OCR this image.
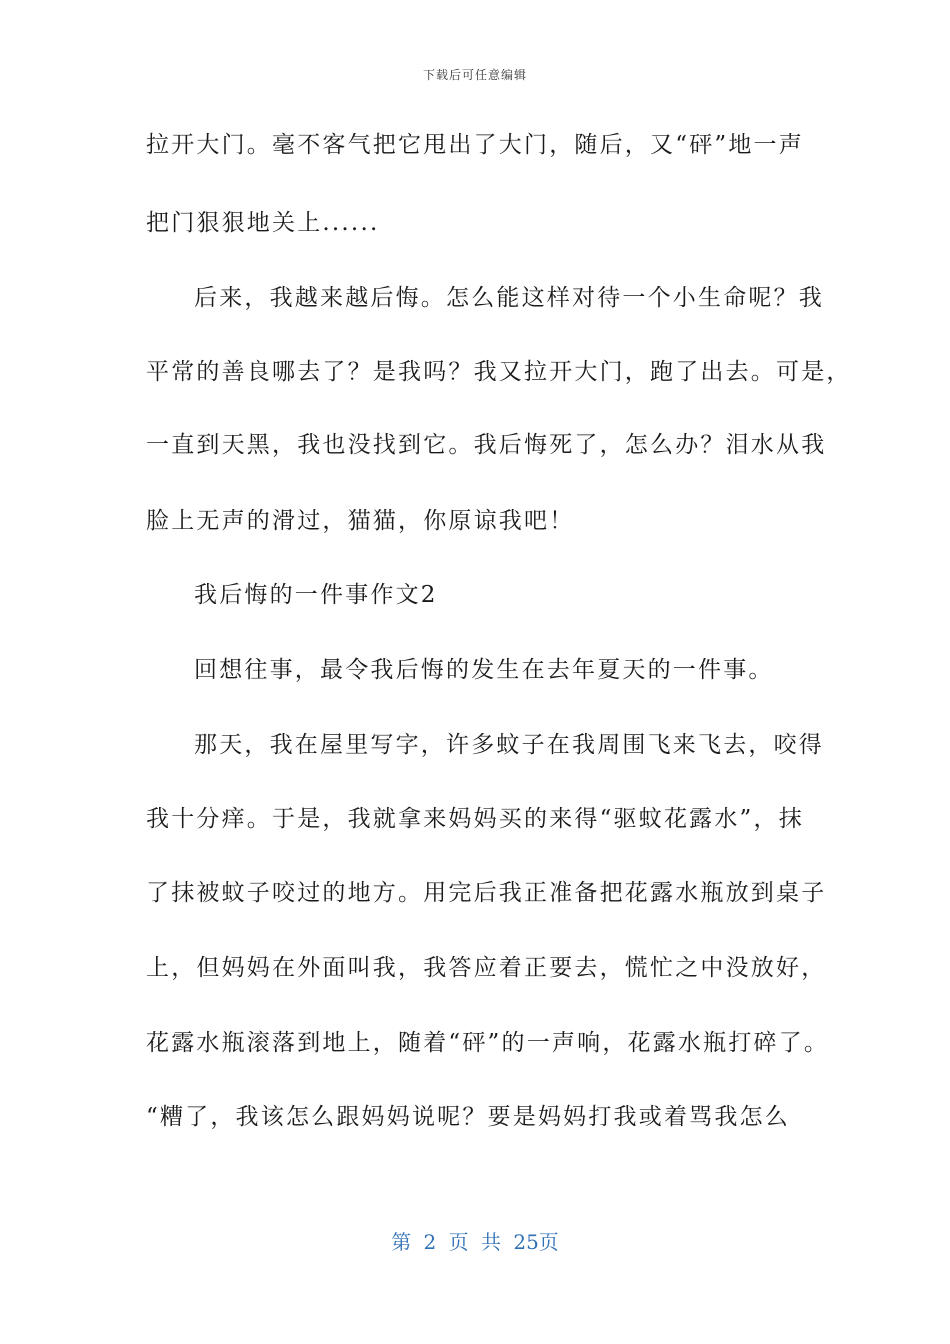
下载后可任意编辑
拉开大门。毫不客气把它甩出了大门，随后，又“砰”地一声
把门狠狠地关上......
后来，我越来越后悔。怎么能这样对待一个小生命呢？我
平常的善良哪去了？是我吗？我又拉开大门，跑了出去。可是，
一直到天黑，我也没找到它。我后悔死了，怎么办？泪水从我
脸上无声的滑过，猫猫，你原谅我吧！
我后悔的一件事作文2
回想往事，最令我后悔的发生在去年夏天的一件事。
那天，我在屋里写字，许多蚊子在我周围飞来飞去，咬得
我十分痒。于是，我就拿来妈妈买的来得“驱蚊花露水”，抹
了抹被蚊子咬过的地方。用完后我正准备把花露水瓶放到桌子
上，但妈妈在外面叫我，我答应着正要去，慌忙之中没放好，
花露水瓶滚落到地上，随着“砰”的一声响，花露水瓶打碎了。
“糟了，我该怎么跟妈妈说呢？要是妈妈打我或着骂我怎么
第 2 页 共 25页
